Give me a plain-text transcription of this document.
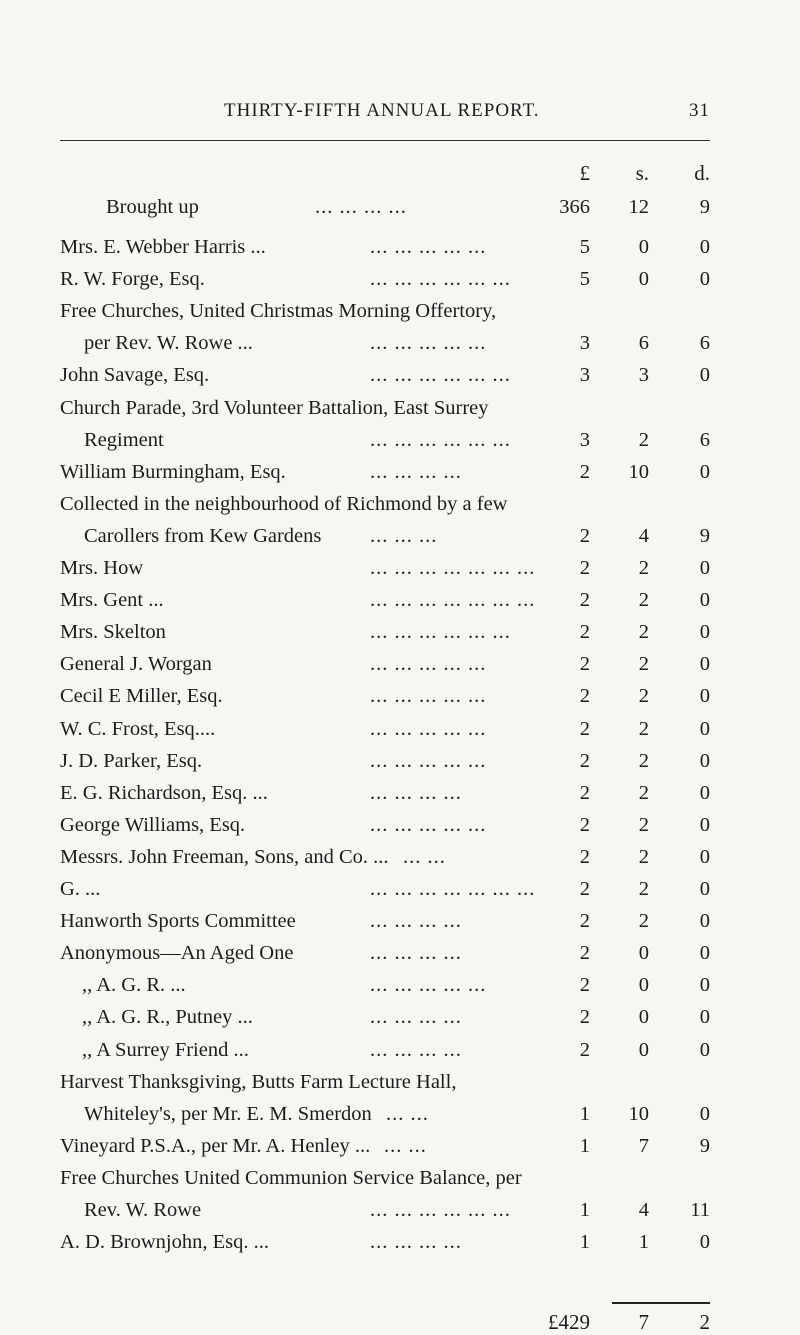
THIRTY-FIFTH ANNUAL REPORT.	31
£	s.	d.
Brought up	... ... ... ...	366	12	9
Mrs. E. Webber Harris ...	... ... ... ... ...	5	0	0
R. W. Forge, Esq.	... ... ... ... ... ...	5	0	0
Free Churches, United Christmas Morning Offertory,
per Rev. W. Rowe ...	... ... ... ... ...	3	6	6
John Savage, Esq.	... ... ... ... ... ...	3	3	0
Church Parade, 3rd Volunteer Battalion, East Surrey
Regiment	... ... ... ... ... ...	3	2	6
William Burmingham, Esq.	... ... ... ...	2	10	0
Collected in the neighbourhood of Richmond by a few
Carollers from Kew Gardens ... ... ...	2	4	9
Mrs. How	... ... ... ... ... ... ...	2	2	0
Mrs. Gent ...	... ... ... ... ... ... ...	2	2	0
Mrs. Skelton	... ... ... ... ... ...	2	2	0
General J. Worgan	... ... ... ... ...	2	2	0
Cecil E Miller, Esq.	... ... ... ... ...	2	2	0
W. C. Frost, Esq....	... ... ... ... ...	2	2	0
J. D. Parker, Esq.	... ... ... ... ...	2	2	0
E. G. Richardson, Esq. ...	... ... ... ...	2	2	0
George Williams, Esq.	... ... ... ... ...	2	2	0
Messrs. John Freeman, Sons, and Co. ... ... ...	2	2	0
G. ...	... ... ... ... ... ... ...	2	2	0
Hanworth Sports Committee	... ... ... ...	2	2	0
Anonymous—An Aged One	... ... ... ...	2	0	0
,, A. G. R. ...	... ... ... ... ...	2	0	0
,, A. G. R., Putney ...	... ... ... ...	2	0	0
,, A Surrey Friend ...	... ... ... ...	2	0	0
Harvest Thanksgiving, Butts Farm Lecture Hall,
Whiteley's, per Mr. E. M. Smerdon ... ...	1	10	0
Vineyard P.S.A., per Mr. A. Henley ... ... ...	1	7	9
Free Churches United Communion Service Balance, per
Rev. W. Rowe	... ... ... ... ... ...	1	4	11
A. D. Brownjohn, Esq. ...	... ... ... ...	1	1	0
£429	7	2
